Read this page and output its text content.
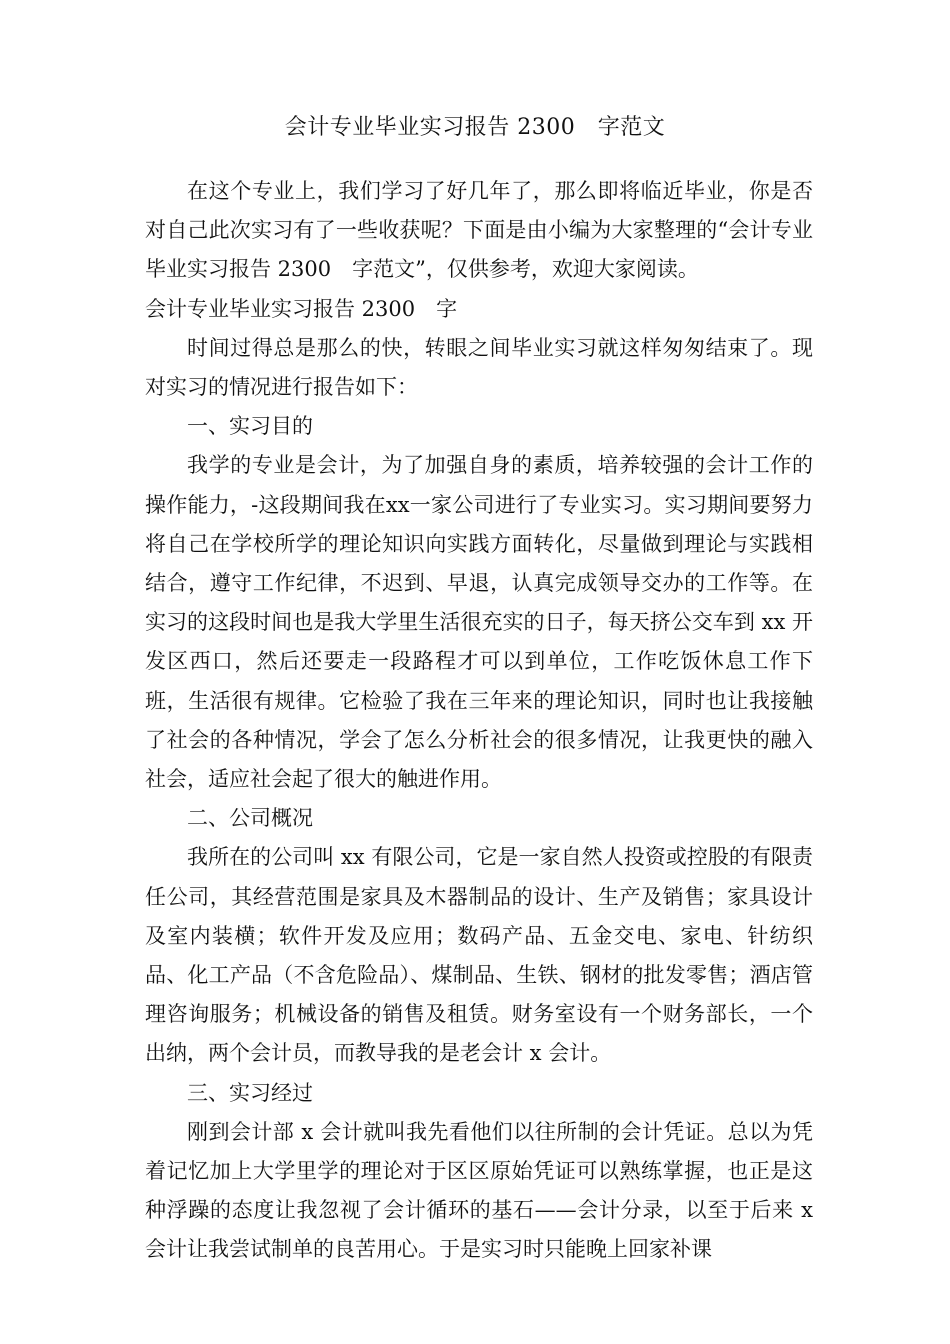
会计专业毕业实习报告 2300　字范文

在这个专业上，我们学习了好几年了，那么即将临近毕业，你是否对自己此次实习有了一些收获呢？下面是由小编为大家整理的“会计专业毕业实习报告 2300　字范文”，仅供参考，欢迎大家阅读。

会计专业毕业实习报告 2300　字

时间过得总是那么的快，转眼之间毕业实习就这样匆匆结束了。现对实习的情况进行报告如下：

一、实习目的

我学的专业是会计，为了加强自身的素质，培养较强的会计工作的操作能力，-这段期间我在xx一家公司进行了专业实习。实习期间要努力将自己在学校所学的理论知识向实践方面转化，尽量做到理论与实践相结合，遵守工作纪律，不迟到、早退，认真完成领导交办的工作等。在实习的这段时间也是我大学里生活很充实的日子，每天挤公交车到 xx 开发区西口，然后还要走一段路程才可以到单位，工作吃饭休息工作下班，生活很有规律。它检验了我在三年来的理论知识，同时也让我接触了社会的各种情况，学会了怎么分析社会的很多情况，让我更快的融入社会，适应社会起了很大的触进作用。

二、公司概况

我所在的公司叫 xx 有限公司，它是一家自然人投资或控股的有限责任公司，其经营范围是家具及木器制品的设计、生产及销售；家具设计及室内装横；软件开发及应用；数码产品、五金交电、家电、针纺织品、化工产品（不含危险品）、煤制品、生铁、钢材的批发零售；酒店管理咨询服务；机械设备的销售及租赁。财务室设有一个财务部长，一个出纳，两个会计员，而教导我的是老会计 x 会计。

三、实习经过

刚到会计部 x 会计就叫我先看他们以往所制的会计凭证。总以为凭着记忆加上大学里学的理论对于区区原始凭证可以熟练掌握，也正是这种浮躁的态度让我忽视了会计循环的基石——会计分录，以至于后来 x 会计让我尝试制单的良苦用心。于是实习时只能晚上回家补课
